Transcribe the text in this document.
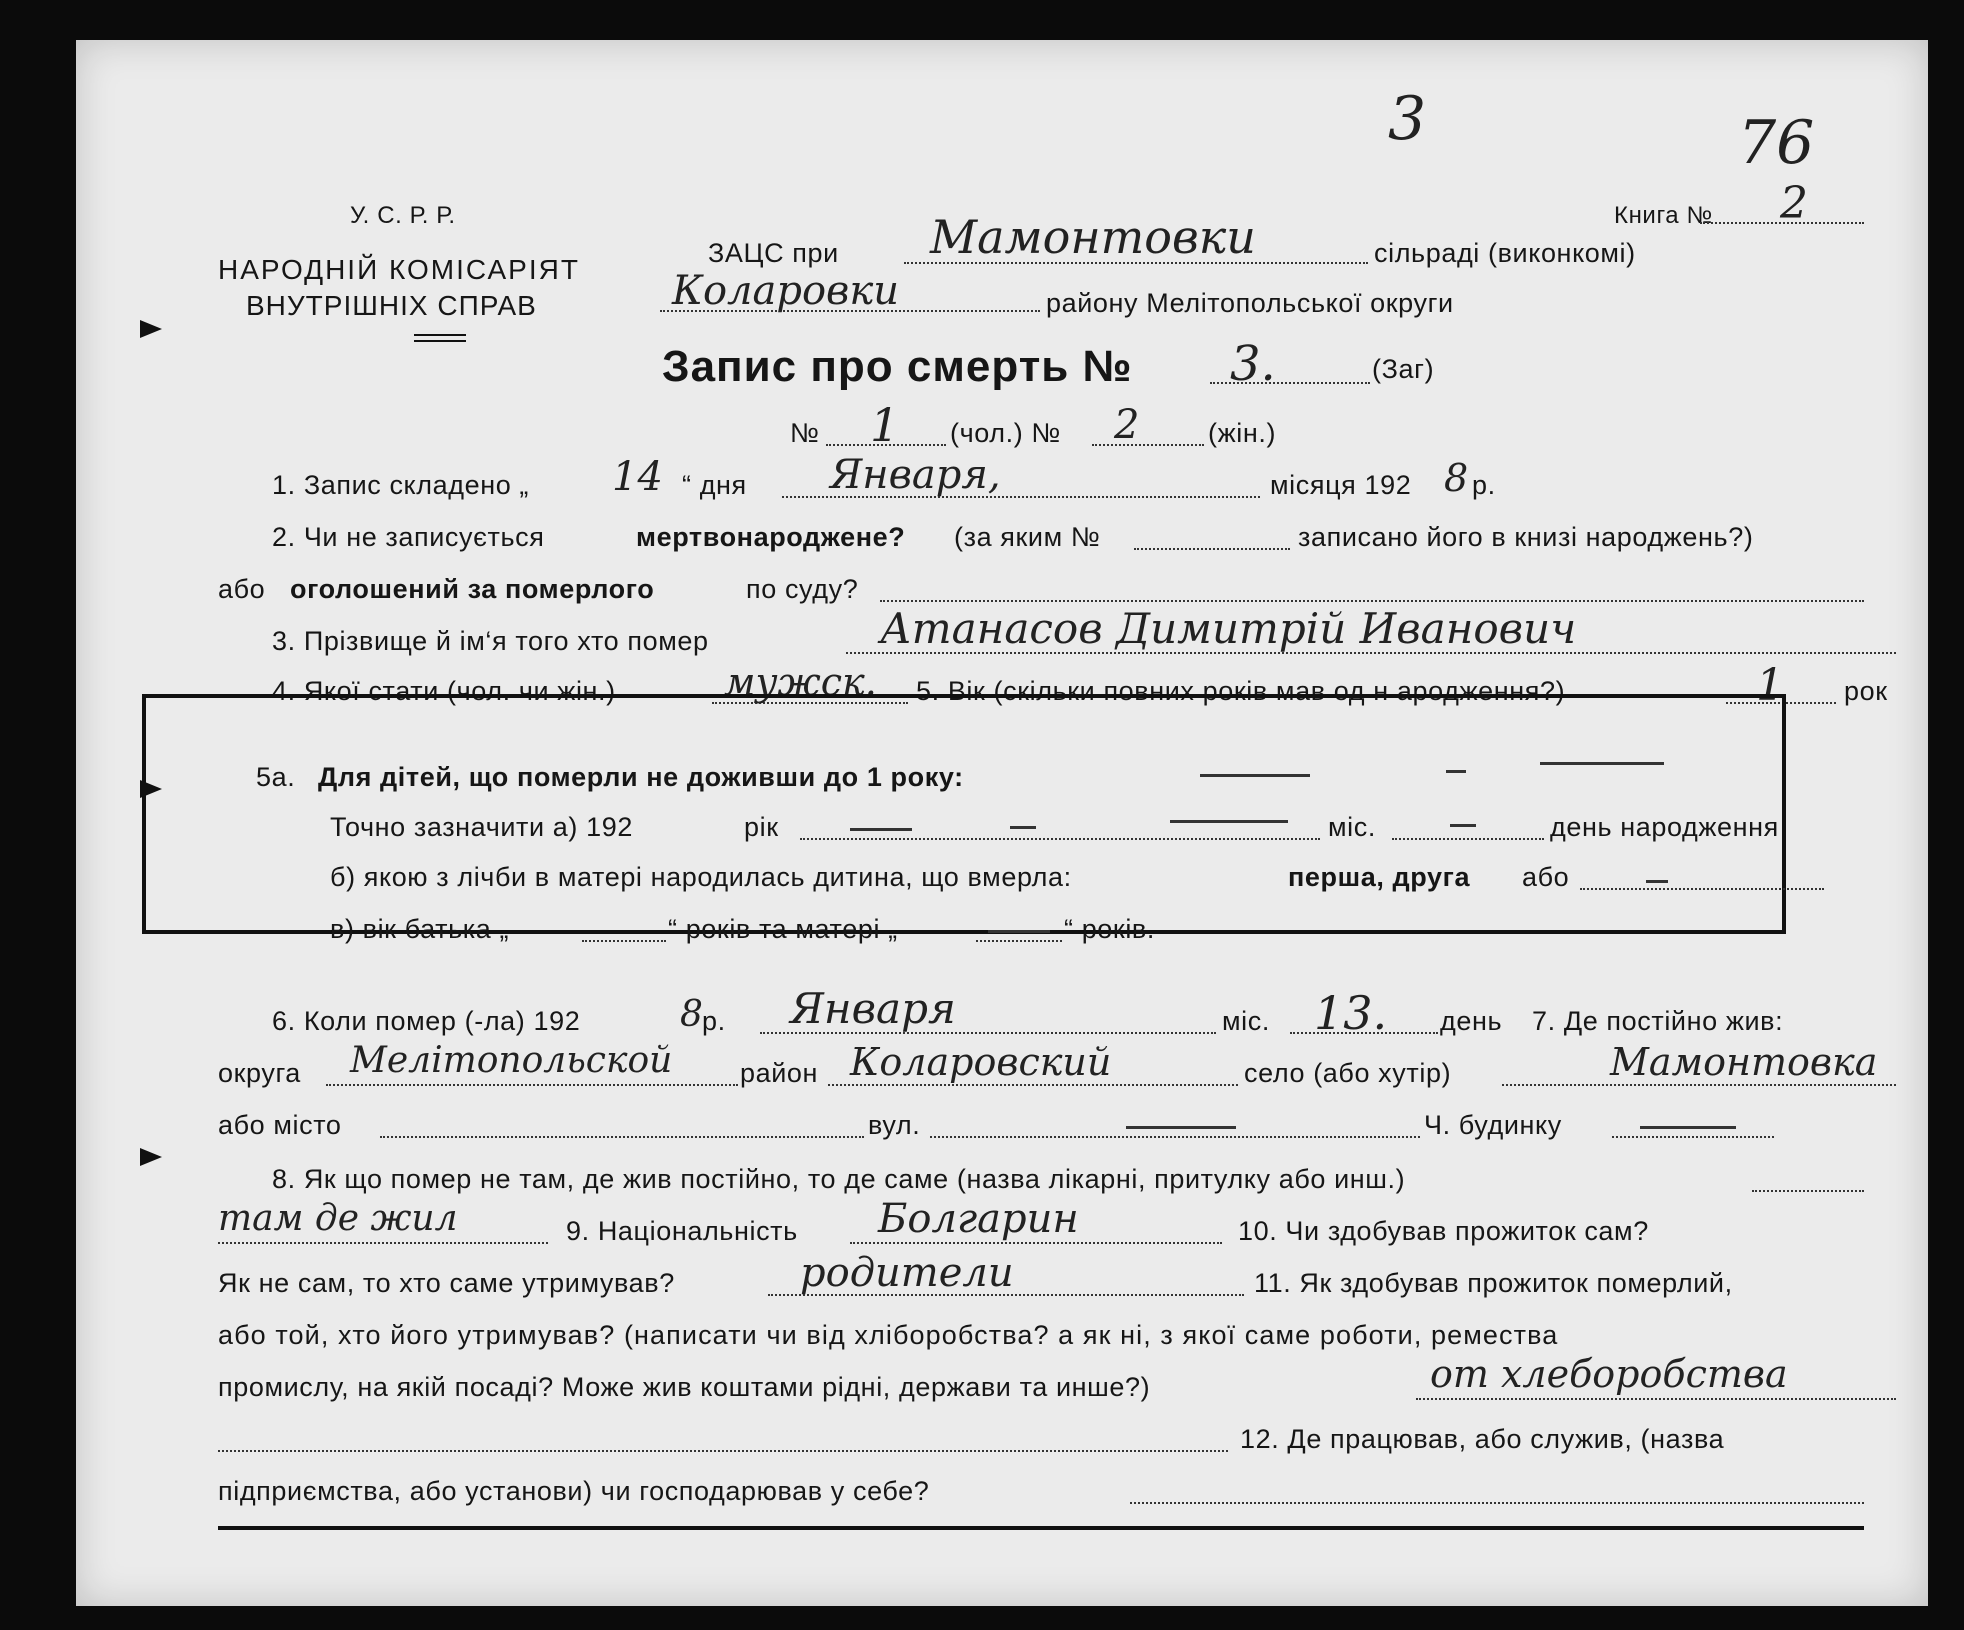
3	76
У. С. Р. Р.
НАРОДНІЙ КОМІСАРІЯТ
ВНУТРІШНІХ СПРАВ
Книга № 2
ЗАЦС при Мамонтовки	сільраді (виконкомі)
Коларовки	району Мелітопольської округи
Запис про смерть № 3.	(Заг)
№ 1 (чол.) № 2	(жін.)
1. Запис складено „ 14 “ дня Января,	місяця 192 8 р.
2. Чи не записується	мертвонароджене? (за яким №	записано його в книзі народжень?)
або оголошений за померлого	по суду?
3. Прізвище й ім‘я того хто помер	Атанасов Димитрій Иванович
4. Якої стати (чол. чи жін.)	мужск. 5. Вік (скільки повних років мав од н ародження?)	1 рок
5а. Для дітей, що померли не доживши до 1 року:
Точно зазначити а) 192	рік	міс.	день народження
б) якою з лічби в матері народилась дитина, що вмерла:	перша, друга або
в) вік батька „	“ років та матері „	“ років.
6. Коли помер (-ла) 192	8 р. Января	міс. 13. день 7. Де постійно жив:
округа Мелітопольской	район Коларовский	село (або хутір)	Мамонтовка
або місто	вул.	Ч. будинку
8. Як що помер не там, де жив постійно, то де саме (назва лікарні, притулку або инш.)
там де жил	9. Національність Болгарин	10. Чи здобував прожиток сам?
Як не сам, то хто саме утримував?	родители	11. Як здобував прожиток померлий,
або той, хто його утримував? (написати чи від хліборобства? а як ні, з якої саме роботи, ремества
промислу, на якій посаді? Може жив коштами рідні, держави та инше?)	от хлеборобства
12. Де працював, або служив, (назва
підприємства, або установи) чи господарював у себе?
